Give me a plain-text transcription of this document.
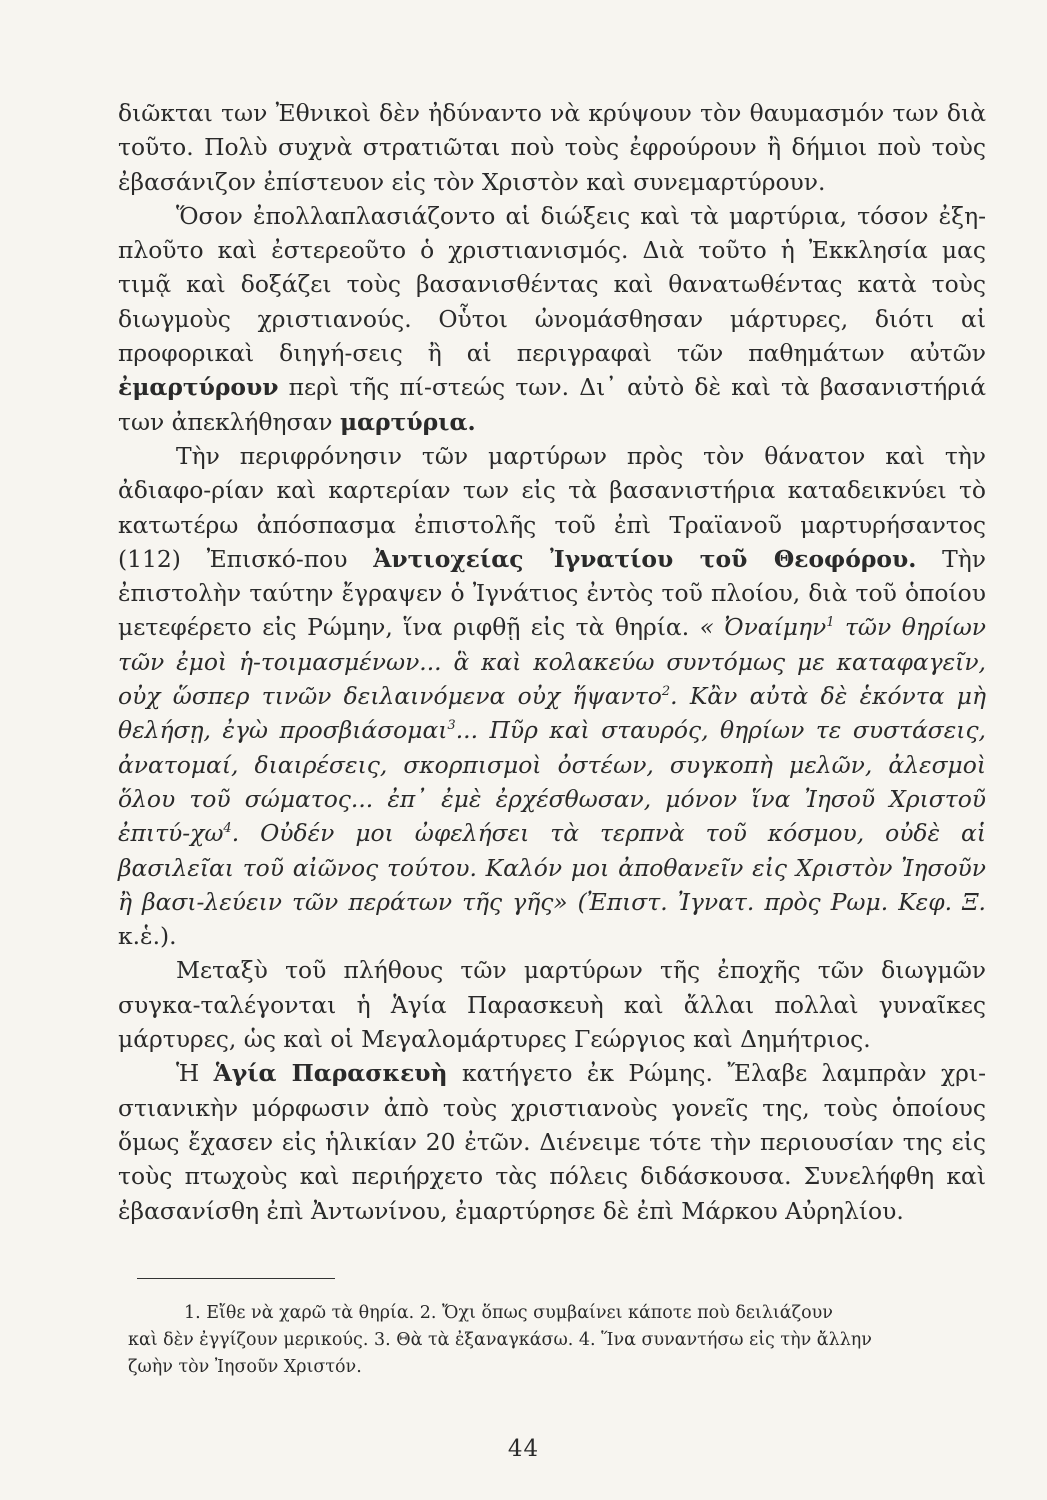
διῶκται των Ἐθνικοὶ δὲν ἠδύναντο νὰ κρύψουν τὸν θαυμασμόν των διὰ τοῦτο. Πολὺ συχνὰ στρατιῶται ποὺ τοὺς ἐφρούρουν ἢ δήμιοι ποὺ τοὺς ἐβασάνιζον ἐπίστευον εἰς τὸν Χριστὸν καὶ συνεμαρτύρουν.

Ὅσον ἐπολλαπλασιάζοντο αἱ διώξεις καὶ τὰ μαρτύρια, τόσον ἐξη-πλοῦτο καὶ ἐστερεοῦτο ὁ χριστιανισμός. Διὰ τοῦτο ἡ Ἐκκλησία μας τιμᾷ καὶ δοξάζει τοὺς βασανισθέντας καὶ θανατωθέντας κατὰ τοὺς διωγμοὺς χριστιανούς. Οὗτοι ὠνομάσθησαν μάρτυρες, διότι αἱ προφορικαὶ διηγή-σεις ἢ αἱ περιγραφαὶ τῶν παθημάτων αὐτῶν ἐμαρτύρουν περὶ τῆς πί-στεώς των. Δι᾿ αὐτὸ δὲ καὶ τὰ βασανιστήριά των ἀπεκλήθησαν μαρτύρια.

Τὴν περιφρόνησιν τῶν μαρτύρων πρὸς τὸν θάνατον καὶ τὴν ἀδιαφο-ρίαν καὶ καρτερίαν των εἰς τὰ βασανιστήρια καταδεικνύει τὸ κατωτέρω ἀπόσπασμα ἐπιστολῆς τοῦ ἐπὶ Τραϊανοῦ μαρτυρήσαντος (112) Ἐπισκό-που Ἀντιοχείας Ἰγνατίου τοῦ Θεοφόρου. Τὴν ἐπιστολὴν ταύτην ἔγραψεν ὁ Ἰγνάτιος ἐντὸς τοῦ πλοίου, διὰ τοῦ ὁποίου μετεφέρετο εἰς Ρώμην, ἵνα ριφθῇ εἰς τὰ θηρία. « Ὀναίμην$^1$ τῶν θηρίων τῶν ἐμοὶ ἡ-τοιμασμένων... ἃ καὶ κολακεύω συντόμως με καταφαγεῖν, οὐχ ὥσπερ τινῶν δειλαινόμενα οὐχ ἥψαντο$^2$. Κἂν αὐτὰ δὲ ἑκόντα μὴ θελήσῃ, ἐγὼ προσβιάσομαι$^3$... Πῦρ καὶ σταυρός, θηρίων τε συστάσεις, ἀνατομαί, διαιρέσεις, σκορπισμοὶ ὀστέων, συγκοπὴ μελῶν, ἀλεσμοὶ ὅλου τοῦ σώματος... ἐπ᾿ ἐμὲ ἐρχέσθωσαν, μόνον ἵνα Ἰησοῦ Χριστοῦ ἐπιτύ-$\chi\omega^4$. Οὐδέν μοι ὠφελήσει τὰ τερπνὰ τοῦ κόσμου, οὐδὲ αἱ βασιλεῖαι τοῦ αἰῶνος τούτου. Καλόν μοι ἀποθανεῖν εἰς Χριστὸν Ἰησοῦν ἢ βασι-λεύειν τῶν περάτων τῆς γῆς» (Ἐπιστ. Ἰγνατ. πρὸς Ρωμ. Κεφ. Ξ. κ.ἑ.).

Μεταξὺ τοῦ πλήθους τῶν μαρτύρων τῆς ἐποχῆς τῶν διωγμῶν συγκα-ταλέγονται ἡ Ἁγία Παρασκευὴ καὶ ἄλλαι πολλαὶ γυναῖκες μάρτυρες, ὡς καὶ οἱ Μεγαλομάρτυρες Γεώργιος καὶ Δημήτριος.

Ἡ Ἁγία Παρασκευὴ κατήγετο ἐκ Ρώμης. Ἔλαβε λαμπρὰν χρι-στιανικὴν μόρφωσιν ἀπὸ τοὺς χριστιανοὺς γονεῖς της, τοὺς ὁποίους ὅμως ἔχασεν εἰς ἡλικίαν 20 ἐτῶν. Διένειμε τότε τὴν περιουσίαν της εἰς τοὺς πτωχοὺς καὶ περιήρχετο τὰς πόλεις διδάσκουσα. Συνελήφθη καὶ ἐβασανίσθη ἐπὶ Ἀντωνίνου, ἐμαρτύρησε δὲ ἐπὶ Μάρκου Αὐρηλίου.

1. Εἴθε νὰ χαρῶ τὰ θηρία. 2. Ὄχι ὅπως συμβαίνει κάποτε ποὺ δειλιάζουν
καὶ δὲν ἐγγίζουν μερικούς. 3. Θὰ τὰ ἐξαναγκάσω. 4. Ἵνα συναντήσω εἰς τὴν ἄλλην
ζωὴν τὸν Ἰησοῦν Χριστόν.
44
